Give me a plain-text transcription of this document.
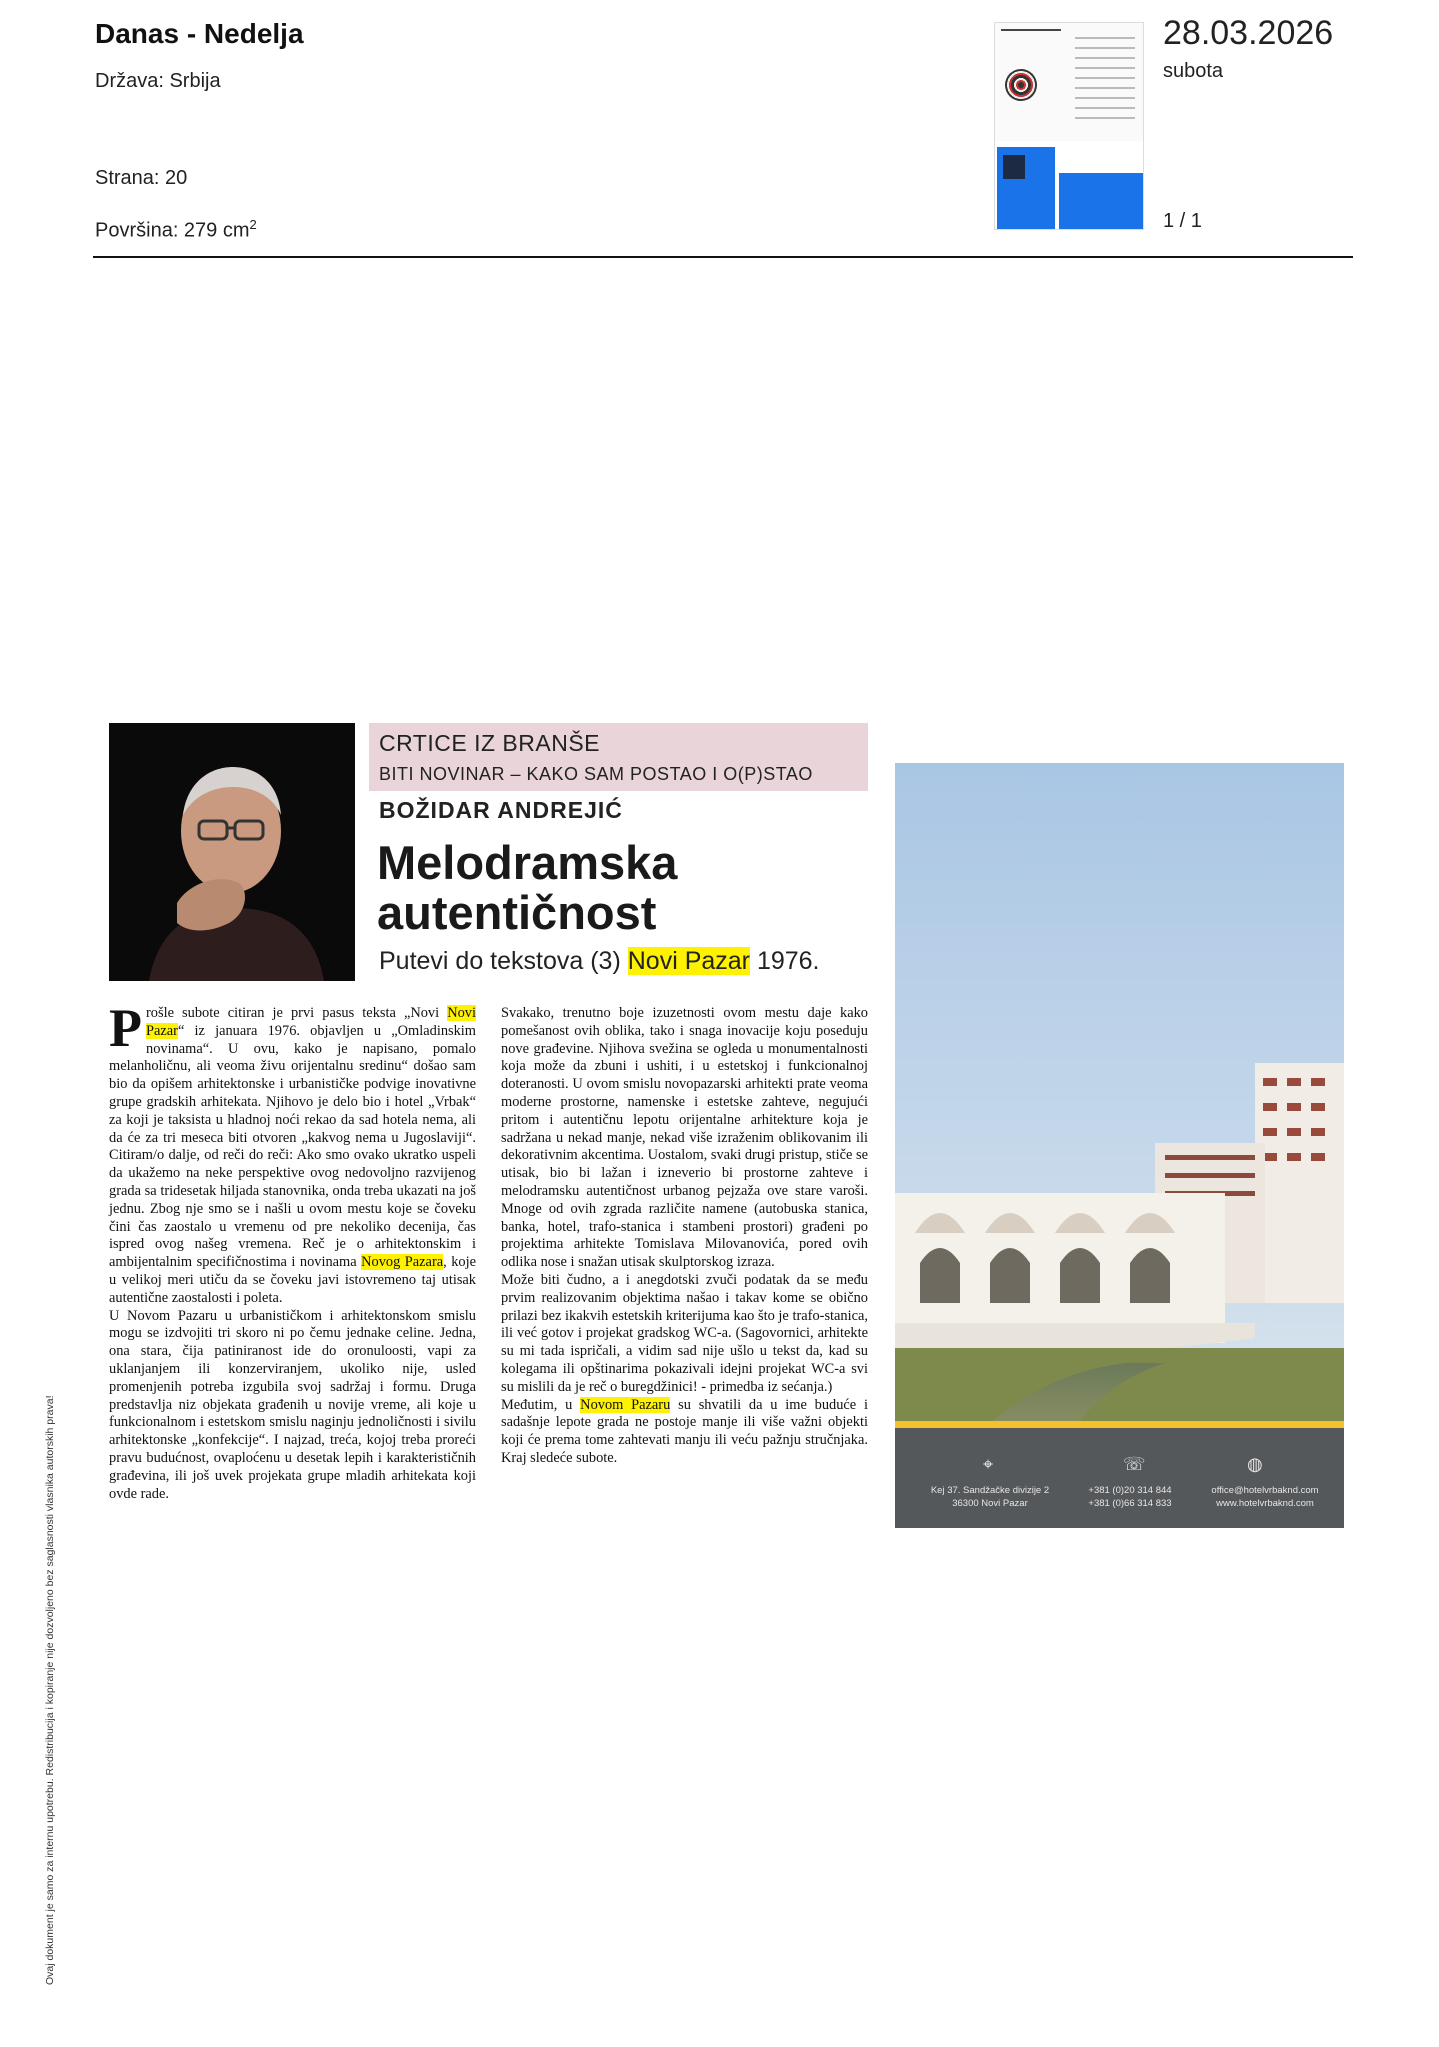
Danas - Nedelja
Država: Srbija
Strana: 20
Površina: 279 $cm^2$
28.03.2026
subota
1 / 1
CRTICE IZ BRANŠE
BITI NOVINAR – KAKO SAM POSTAO I O(P)STAO
BOŽIDAR ANDREJIĆ
Melodramska
autentičnost
Putevi do tekstova (3) Novi Pazar 1976.

Prošle subote citiran je prvi pasus teksta „Novi Novi Pazar“ iz januara 1976. objavljen u „Omladinskim novinama“. U ovu, kako je napisano, pomalo melanholičnu, ali veoma živu orijentalnu sredinu“ došao sam bio da opišem arhitektonske i urbanističke podvige inovativne grupe gradskih arhitekata. Njihovo je delo bio i hotel „Vrbak“ za koji je taksista u hladnoj noći rekao da sad hotela nema, ali da će za tri meseca biti otvoren „kakvog nema u Jugoslaviji“. Citiram/o dalje, od reči do reči: Ako smo ovako ukratko uspeli da ukažemo na neke perspektive ovog nedovoljno razvijenog grada sa tridesetak hiljada stanovnika, onda treba ukazati na još jednu. Zbog nje smo se i našli u ovom mestu koje se čoveku čini čas zaostalo u vremenu od pre nekoliko decenija, čas ispred ovog našeg vremena. Reč je o arhitektonskim i ambijentalnim specifičnostima i novinama Novog Pazara, koje u velikoj meri utiču da se čoveku javi istovremeno taj utisak autentične zaostalosti i poleta.

U Novom Pazaru u urbanističkom i arhitektonskom smislu mogu se izdvojiti tri skoro ni po čemu jednake celine. Jedna, ona stara, čija patiniranost ide do oronuloosti, vapi za uklanjanjem ili konzerviranjem, ukoliko nije, usled promenjenih potreba izgubila svoj sadržaj i formu. Druga predstavlja niz objekata građenih u novije vreme, ali koje u funkcionalnom i estetskom smislu naginju jednoličnosti i sivilu arhitektonske „konfekcije“. I najzad, treća, kojoj treba proreći pravu budućnost, ovaploćenu u desetak lepih i karakterističnih građevina, ili još uvek projekata grupe mladih arhitekata koji ovde rade.

Svakako, trenutno boje izuzetnosti ovom mestu daje kako pomešanost ovih oblika, tako i snaga inovacije koju poseduju nove građevine. Njihova svežina se ogleda u monumentalnosti koja može da zbuni i ushiti, i u estetskoj i funkcionalnoj doteranosti. U ovom smislu novopazarski arhitekti prate veoma moderne prostorne, namenske i estetske zahteve, negujući pritom i autentičnu lepotu orijentalne arhitekture koja je sadržana u nekad manje, nekad više izraženim oblikovanim ili dekorativnim akcentima. Uostalom, svaki drugi pristup, stiče se utisak, bio bi lažan i izneverio bi prostorne zahteve i melodramsku autentičnost urbanog pejzaža ove stare varoši. Mnoge od ovih zgrada različite namene (autobuska stanica, banka, hotel, trafo-stanica i stambeni prostori) građeni po projektima arhitekte Tomislava Milovanovića, pored ovih odlika nose i snažan utisak skulptorskog izraza.

Može biti čudno, a i anegdotski zvuči podatak da se među prvim realizovanim objektima našao i takav kome se obično prilazi bez ikakvih estetskih kriterijuma kao što je trafo-stanica, ili već gotov i projekat gradskog WC-a. (Sagovornici, arhitekte su mi tada ispričali, a vidim sad nije ušlo u tekst da, kad su kolegama ili opštinarima pokazivali idejni projekat WC-a svi su mislili da je reč o buregdžinici! - primedba iz sećanja.)

Međutim, u Novom Pazaru su shvatili da u ime buduće i sadašnje lepote grada ne postoje manje ili više važni objekti koji će prema tome zahtevati manju ili veću pažnju stručnjaka. Kraj sledeće subote.	⌖	☏	◍
Kej 37. Sandžačke divizije 2
36300 Novi Pazar
+381 (0)20 314 844
+381 (0)66 314 833
office@hotelvrbaknd.com
www.hotelvrbaknd.com
Ovaj dokument je samo za internu upotrebu. Redistribucija i kopiranje nije dozvoljeno bez saglasnosti vlasnika autorskih prava!
